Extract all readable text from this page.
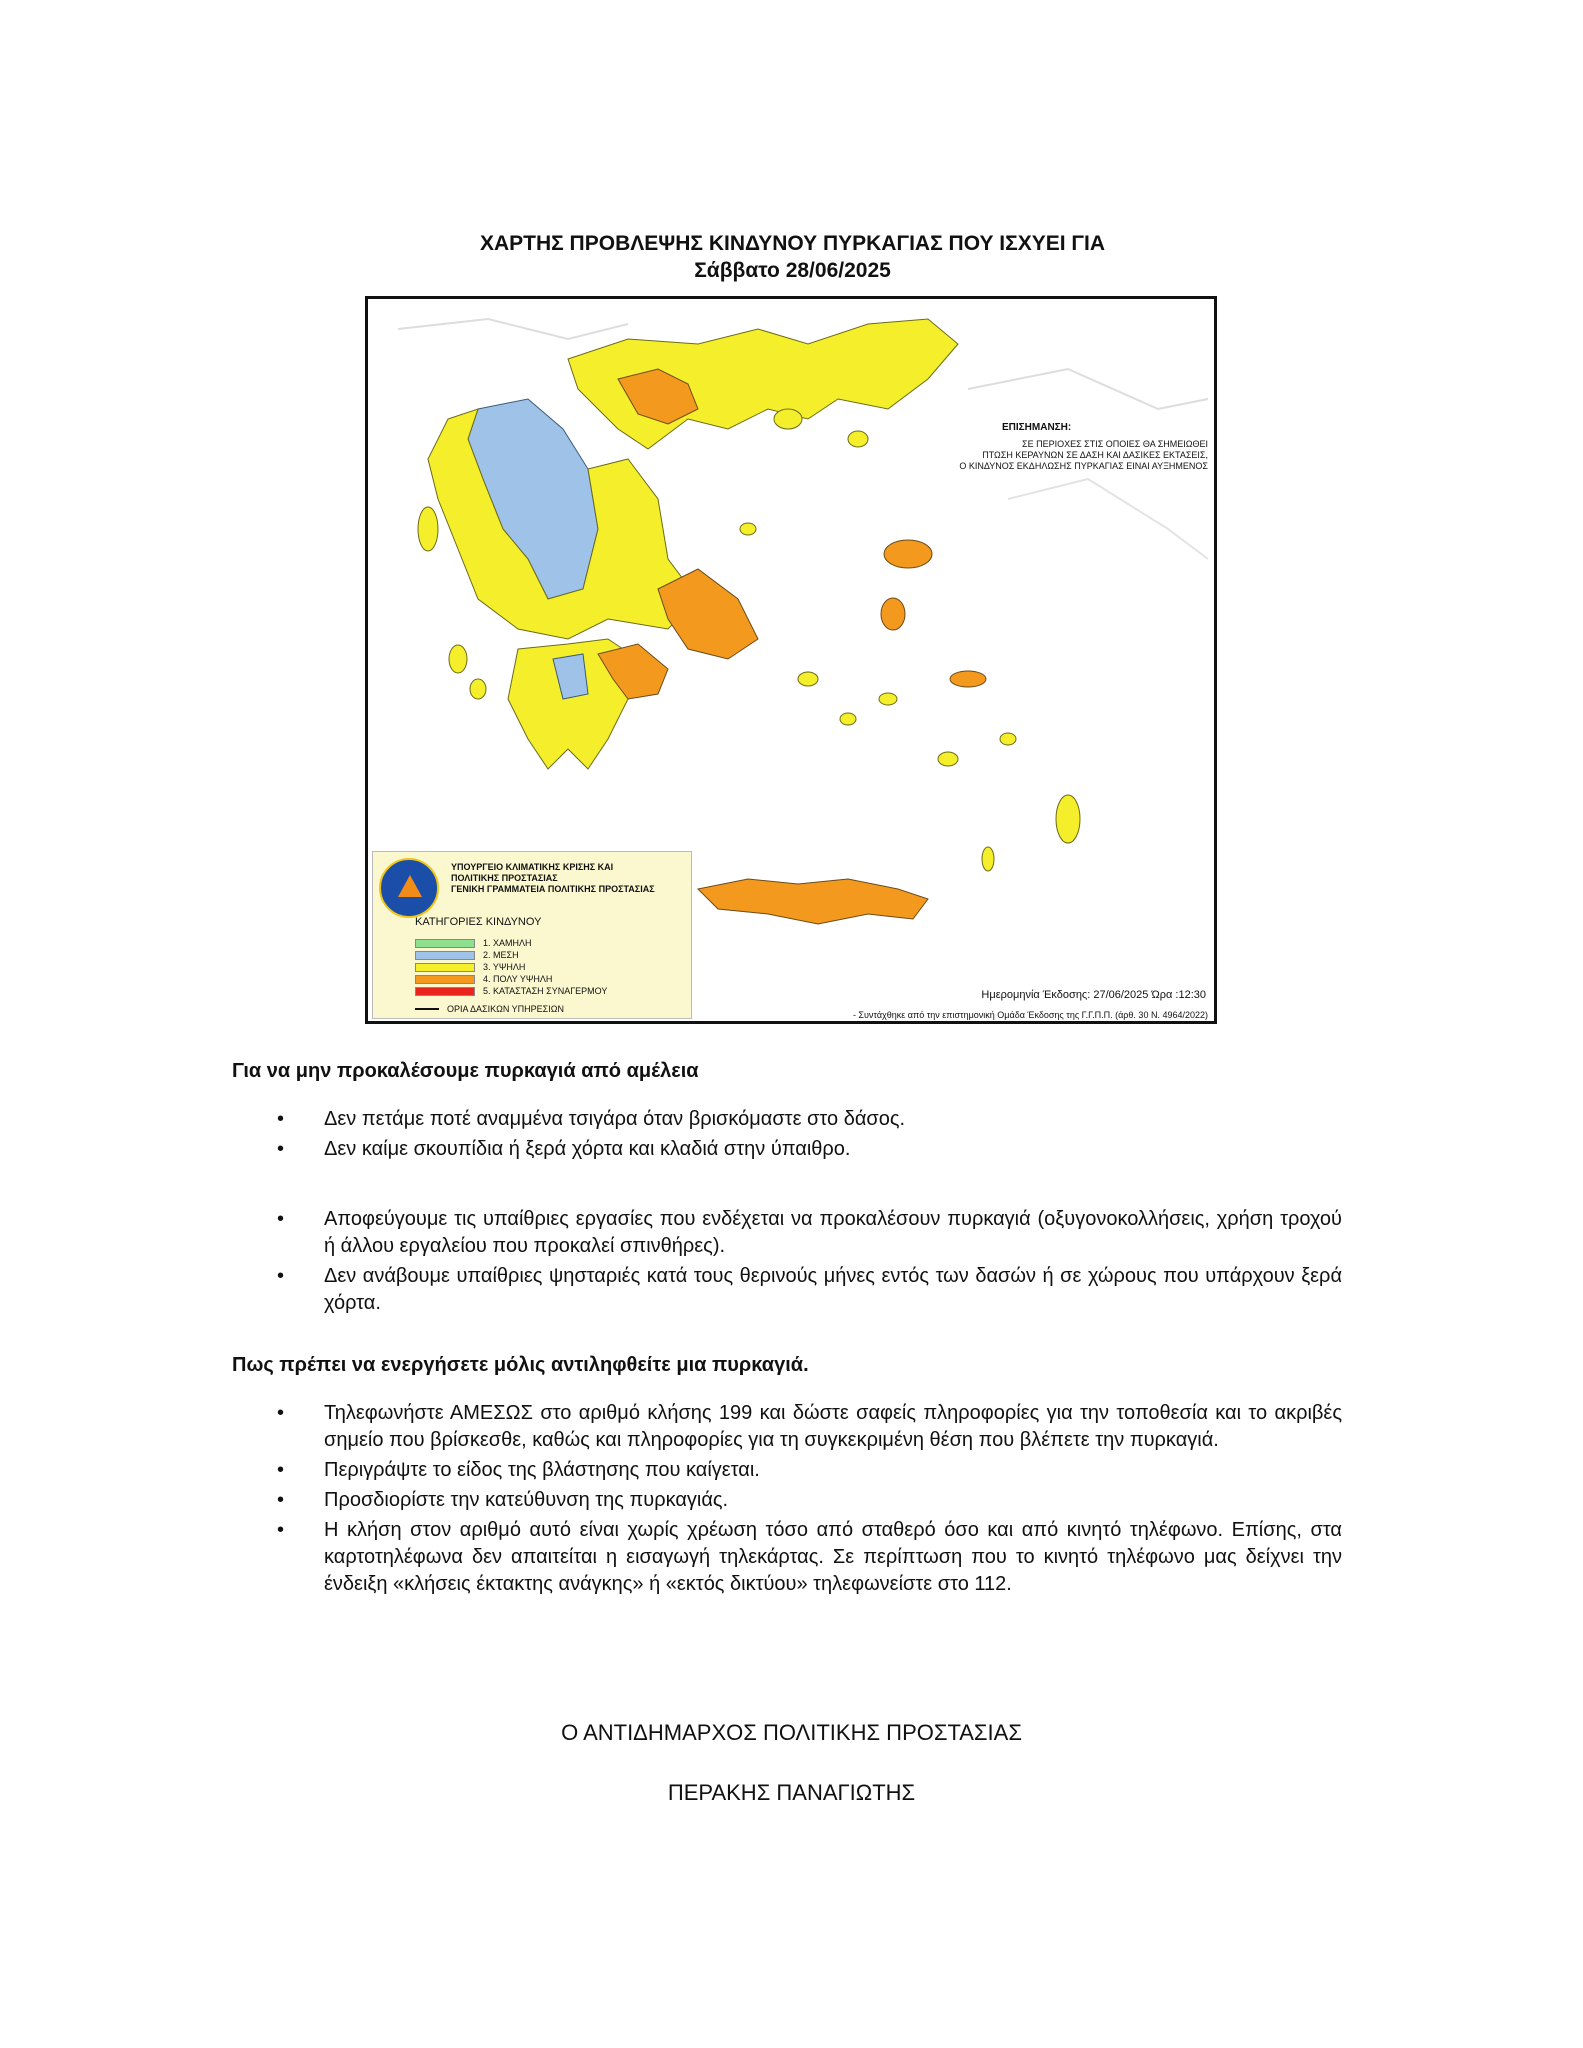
ΧΑΡΤΗΣ ΠΡΟΒΛΕΨΗΣ ΚΙΝΔΥΝΟΥ ΠΥΡΚΑΓΙΑΣ ΠΟΥ ΙΣΧΥΕΙ ΓΙΑ
Σάββατο 28/06/2025
ΕΠΙΣΗΜΑΝΣΗ:
ΣΕ ΠΕΡΙΟΧΕΣ ΣΤΙΣ ΟΠΟΙΕΣ ΘΑ ΣΗΜΕΙΩΘΕΙ
ΠΤΩΣΗ ΚΕΡΑΥΝΩΝ ΣΕ ΔΑΣΗ ΚΑΙ ΔΑΣΙΚΕΣ ΕΚΤΑΣΕΙΣ,
Ο ΚΙΝΔΥΝΟΣ ΕΚΔΗΛΩΣΗΣ ΠΥΡΚΑΓΙΑΣ ΕΙΝΑΙ ΑΥΞΗΜΕΝΟΣ
ΥΠΟΥΡΓΕΙΟ ΚΛΙΜΑΤΙΚΗΣ ΚΡΙΣΗΣ ΚΑΙ
ΠΟΛΙΤΙΚΗΣ ΠΡΟΣΤΑΣΙΑΣ
ΓΕΝΙΚΗ ΓΡΑΜΜΑΤΕΙΑ ΠΟΛΙΤΙΚΗΣ ΠΡΟΣΤΑΣΙΑΣ
ΚΑΤΗΓΟΡΙΕΣ ΚΙΝΔΥΝΟΥ
1. ΧΑΜΗΛΗ
2. ΜΕΣΗ
3. ΥΨΗΛΗ
4. ΠΟΛΥ ΥΨΗΛΗ
5. ΚΑΤΑΣΤΑΣΗ ΣΥΝΑΓΕΡΜΟΥ
ΟΡΙΑ ΔΑΣΙΚΩΝ ΥΠΗΡΕΣΙΩΝ
Ημερομηνία Έκδοσης: 27/06/2025 Ώρα :12:30
- Συντάχθηκε από την επιστημονική Ομάδα Έκδοσης της Γ.Γ.Π.Π. (άρθ. 30 Ν. 4964/2022)
Για να μην προκαλέσουμε πυρκαγιά από αμέλεια
• Δεν πετάμε ποτέ αναμμένα τσιγάρα όταν βρισκόμαστε στο δάσος.
• Δεν καίμε σκουπίδια ή ξερά χόρτα και κλαδιά στην ύπαιθρο.
• Αποφεύγουμε τις υπαίθριες εργασίες που ενδέχεται να προκαλέσουν πυρκαγιά (οξυγονοκολλήσεις, χρήση τροχού ή άλλου εργαλείου που προκαλεί σπινθήρες).
• Δεν ανάβουμε υπαίθριες ψησταριές κατά τους θερινούς μήνες εντός των δασών ή σε χώρους που υπάρχουν ξερά χόρτα.
Πως πρέπει να ενεργήσετε μόλις αντιληφθείτε μια πυρκαγιά.
• Τηλεφωνήστε ΑΜΕΣΩΣ στο αριθμό κλήσης 199 και δώστε σαφείς πληροφορίες για την τοποθεσία και το ακριβές σημείο που βρίσκεσθε, καθώς και πληροφορίες για τη συγκεκριμένη θέση που βλέπετε την πυρκαγιά.
• Περιγράψτε το είδος της βλάστησης που καίγεται.
• Προσδιορίστε την κατεύθυνση της πυρκαγιάς.
• Η κλήση στον αριθμό αυτό είναι χωρίς χρέωση τόσο από σταθερό όσο και από κινητό τηλέφωνο. Επίσης, στα καρτοτηλέφωνα δεν απαιτείται η εισαγωγή τηλεκάρτας. Σε περίπτωση που το κινητό τηλέφωνο μας δείχνει την ένδειξη «κλήσεις έκτακτης ανάγκης» ή «εκτός δικτύου» τηλεφωνείστε στο 112.
Ο ΑΝΤΙΔΗΜΑΡΧΟΣ ΠΟΛΙΤΙΚΗΣ ΠΡΟΣΤΑΣΙΑΣ
ΠΕΡΑΚΗΣ ΠΑΝΑΓΙΩΤΗΣ
